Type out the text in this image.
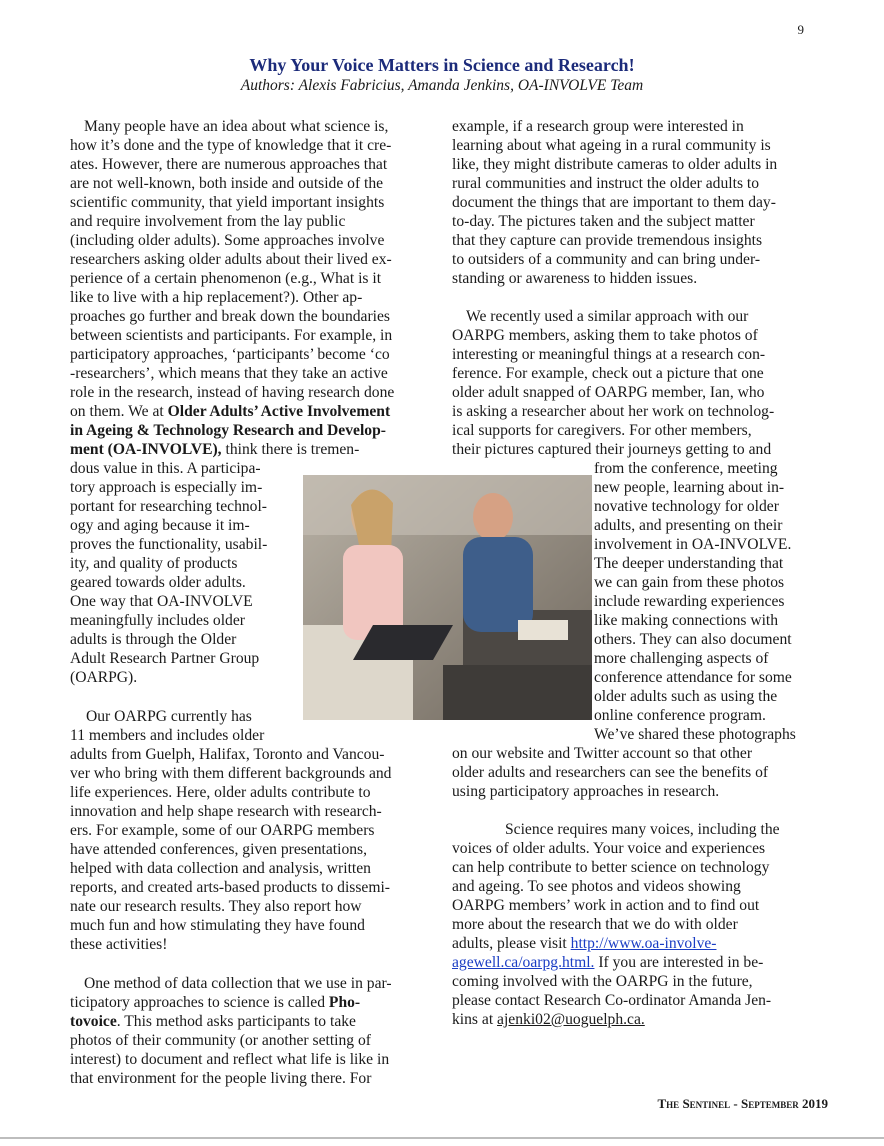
9
Why Your Voice Matters in Science and Research!
Authors: Alexis Fabricius, Amanda Jenkins, OA-INVOLVE Team
Many people have an idea about what science is,
how it’s done and the type of knowledge that it cre-
ates. However, there are numerous approaches that
are not well-known, both inside and outside of the
scientific community, that yield important insights
and require involvement from the lay public
(including older adults). Some approaches involve
researchers asking older adults about their lived ex-
perience of a certain phenomenon (e.g., What is it
like to live with a hip replacement?). Other ap-
proaches go further and break down the boundaries
between scientists and participants. For example, in
participatory approaches, ‘participants’ become ‘co
-researchers’, which means that they take an active
role in the research, instead of having research done
on them. We at Older Adults’ Active Involvement
in Ageing & Technology Research and Develop-
ment (OA-INVOLVE), think there is tremen-
dous value in this. A participa-
tory approach is especially im-
portant for researching technol-
ogy and aging because it im-
proves the functionality, usabil-
ity, and quality of products
geared towards older adults.
One way that OA-INVOLVE
meaningfully includes older
adults is through the Older
Adult Research Partner Group
(OARPG).
Our OARPG currently has
11 members and includes older
adults from Guelph, Halifax, Toronto and Vancou-
ver who bring with them different backgrounds and
life experiences. Here, older adults contribute to
innovation and help shape research with research-
ers. For example, some of our OARPG members
have attended conferences, given presentations,
helped with data collection and analysis, written
reports, and created arts-based products to dissemi-
nate our research results. They also report how
much fun and how stimulating they have found
these activities!
One method of data collection that we use in par-
ticipatory approaches to science is called Pho-
tovoice. This method asks participants to take
photos of their community (or another setting of
interest) to document and reflect what life is like in
that environment for the people living there. For
example, if a research group were interested in
learning about what ageing in a rural community is
like, they might distribute cameras to older adults in
rural communities and instruct the older adults to
document the things that are important to them day-
to-day. The pictures taken and the subject matter
that they capture can provide tremendous insights
to outsiders of a community and can bring under-
standing or awareness to hidden issues.
We recently used a similar approach with our
OARPG members, asking them to take photos of
interesting or meaningful things at a research con-
ference. For example, check out a picture that one
older adult snapped of OARPG member, Ian, who
is asking a researcher about her work on technolog-
ical supports for caregivers. For other members,
their pictures captured their journeys getting to and
from the conference, meeting
new people, learning about in-
novative technology for older
adults, and presenting on their
involvement in OA-INVOLVE.
The deeper understanding that
we can gain from these photos
include rewarding experiences
like making connections with
others. They can also document
more challenging aspects of
conference attendance for some
older adults such as using the
online conference program.
We’ve shared these photographs
on our website and Twitter account so that other
older adults and researchers can see the benefits of
using participatory approaches in research.
Science requires many voices, including the
voices of older adults. Your voice and experiences
can help contribute to better science on technology
and ageing. To see photos and videos showing
OARPG members’ work in action and to find out
more about the research that we do with older
adults, please visit http://www.oa-involve-
agewell.ca/oarpg.html. If you are interested in be-
coming involved with the OARPG in the future,
please contact Research Co-ordinator Amanda Jen-
kins at ajenki02@uoguelph.ca.
The Sentinel - September 2019
